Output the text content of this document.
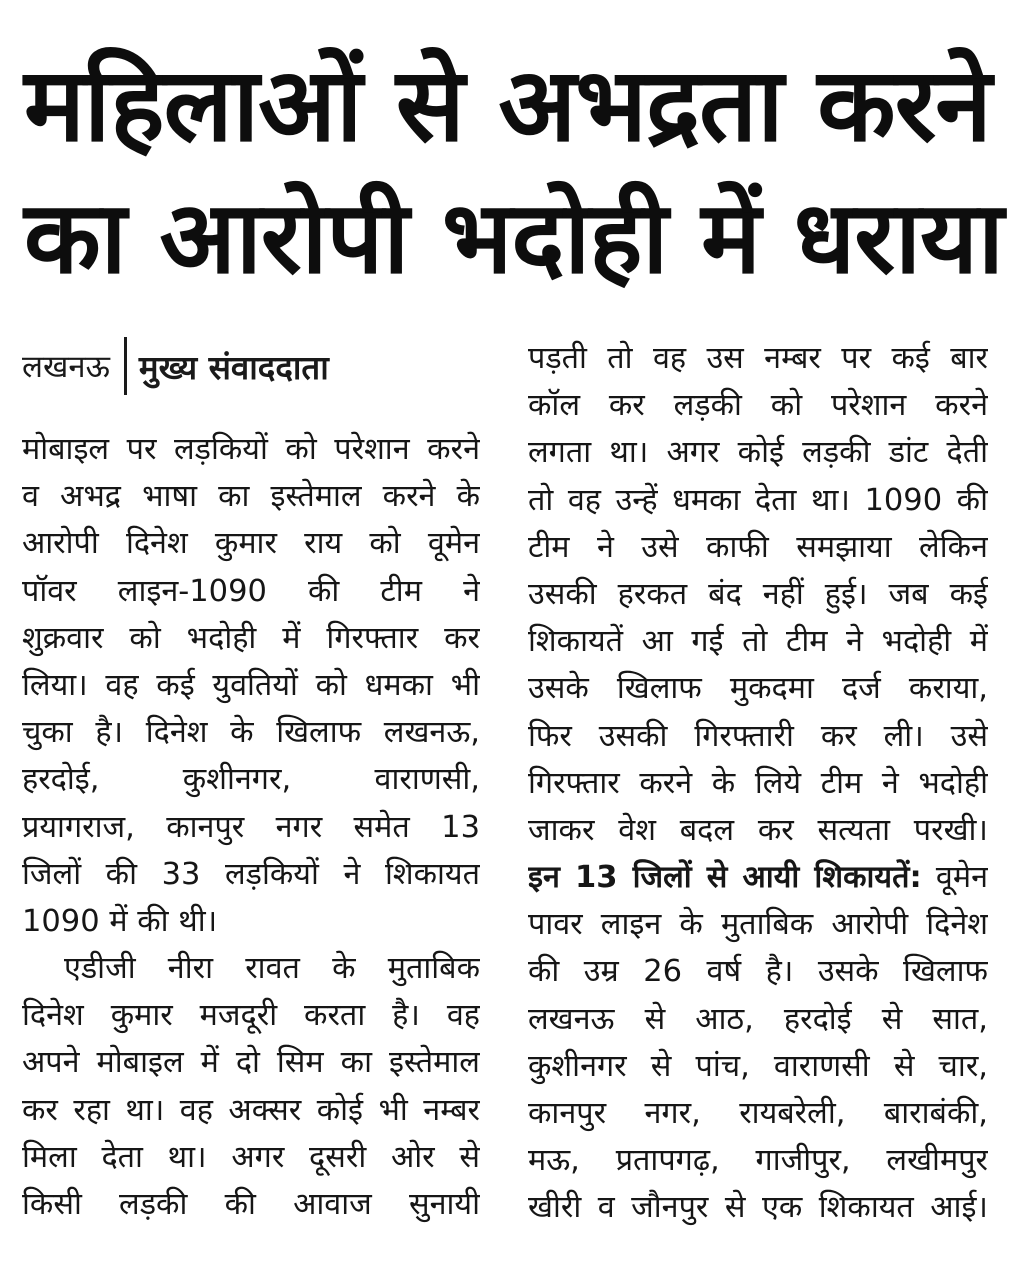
महिलाओं से अभद्रता करने
का आरोपी भदोही में धराया
लखनऊ मुख्य संवाददाता
मोबाइल पर लड़कियों को परेशान करने
व अभद्र भाषा का इस्तेमाल करने के
आरोपी दिनेश कुमार राय को वूमेन
पॉवर लाइन-1090 की टीम ने
शुक्रवार को भदोही में गिरफ्तार कर
लिया। वह कई युवतियों को धमका भी
चुका है। दिनेश के खिलाफ लखनऊ,
हरदोई, कुशीनगर, वाराणसी,
प्रयागराज, कानपुर नगर समेत 13
जिलों की 33 लड़कियों ने शिकायत
1090 में की थी।
एडीजी नीरा रावत के मुताबिक
दिनेश कुमार मजदूरी करता है। वह
अपने मोबाइल में दो सिम का इस्तेमाल
कर रहा था। वह अक्सर कोई भी नम्बर
मिला देता था। अगर दूसरी ओर से
किसी लड़की की आवाज सुनायी
पड़ती तो वह उस नम्बर पर कई बार
कॉल कर लड़की को परेशान करने
लगता था। अगर कोई लड़की डांट देती
तो वह उन्हें धमका देता था। 1090 की
टीम ने उसे काफी समझाया लेकिन
उसकी हरकत बंद नहीं हुई। जब कई
शिकायतें आ गई तो टीम ने भदोही में
उसके खिलाफ मुकदमा दर्ज कराया,
फिर उसकी गिरफ्तारी कर ली। उसे
गिरफ्तार करने के लिये टीम ने भदोही
जाकर वेश बदल कर सत्यता परखी।
इन 13 जिलों से आयी शिकायतें: वूमेन
पावर लाइन के मुताबिक आरोपी दिनेश
की उम्र 26 वर्ष है। उसके खिलाफ
लखनऊ से आठ, हरदोई से सात,
कुशीनगर से पांच, वाराणसी से चार,
कानपुर नगर, रायबरेली, बाराबंकी,
मऊ, प्रतापगढ़, गाजीपुर, लखीमपुर
खीरी व जौनपुर से एक शिकायत आई।
